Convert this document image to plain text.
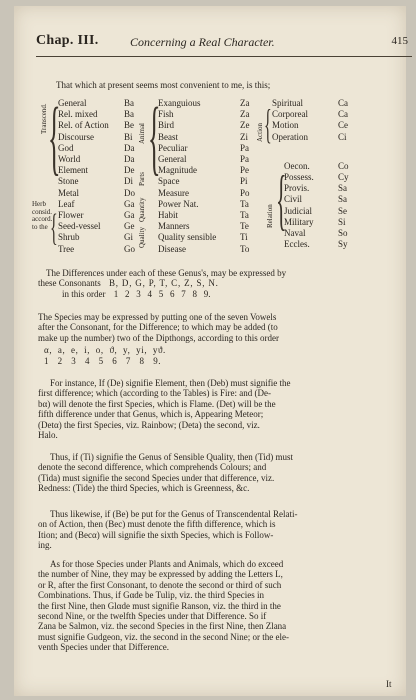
Chap. III.	Concerning a Real Character.	415
That which at present seems most convenient to me, is this;
Transcend. {
General	Ba
Rel. mixed	Ba
Rel. of Action Be
Discourse	Bi
God	Da
World	Da
Element	De
Stone	Di
Metal	Do
Leaf	Ga
Flower	Ga
Seed-vessel	Ge
Shrub	Gi
Tree	Go
Herb
consid.
accord.
to the {
Animal
Parts
Quantity
Quality
{
Exanguious	Za
Fish	Za
Bird	Ze
Beast	Zi
Peculiar	Pa
General	Pa
Magnitude	Pe
Space	Pi
Measure	Po
Power Nat.	Ta
Habit	Ta
Manners	Te
Quality sensible	Ti
Disease	To
Action {
Spiritual	Ca
Corporeal	Ca
Motion	Ce
Operation	Ci
Relation {
Oecon.	Co
Possess.	Cy
Provis.	Sa
Civil	Sa
Judicial	Se
Military	Si
Naval	So
Eccles.	Sy
The Differences under each of these Genus's, may be expressed by
these Consonants B, D, G, P, T, C, Z, S, N.
in this order 1   2   3   4   5   6   7   8   9.
The Species may be expressed by putting one of the seven Vowels
after the Consonant, for the Difference; to which may be added (to
make up the number) two of the Dipthongs, according to this order
α,  a,  e,  i,  o,  ϑ,  y,  yi,  yϑ.
1   2   3   4   5   6   7   8   9.
For instance, If (De) signifie Element, then (Deb) must signifie the
first difference; which (according to the Tables) is Fire: and (De-
bα) will denote the first Species, which is Flame. (Det) will be the
fifth difference under that Genus, which is, Appearing Meteor;
(Detα) the first Species, viz. Rainbow; (Deta) the second, viz.
Halo.
Thus, if (Ti) signifie the Genus of Sensible Quality, then (Tid) must
denote the second difference, which comprehends Colours; and
(Tida) must signifie the second Species under that difference, viz.
Redness: (Tide) the third Species, which is Greenness, &c.
Thus likewise, if (Be) be put for the Genus of Transcendental Relati-
on of Action, then (Bec) must denote the fifth difference, which is
Ition; and (Becα) will signifie the sixth Species, which is Follow-
ing.
As for those Species under Plants and Animals, which do exceed
the number of Nine, they may be expressed by adding the Letters L,
or R, after the first Consonant, to denote the second or third of such
Combinations. Thus, if Gαde be Tulip, viz. the third Species in
the first Nine, then Glαde must signifie Ranson, viz. the third in the
second Nine, or the twelfth Species under that Difference. So if
Zana be Salmon, viz. the second Species in the first Nine, then Zlana
must signifie Gudgeon, viz. the second in the second Nine; or the ele-
venth Species under that Difference.
It
